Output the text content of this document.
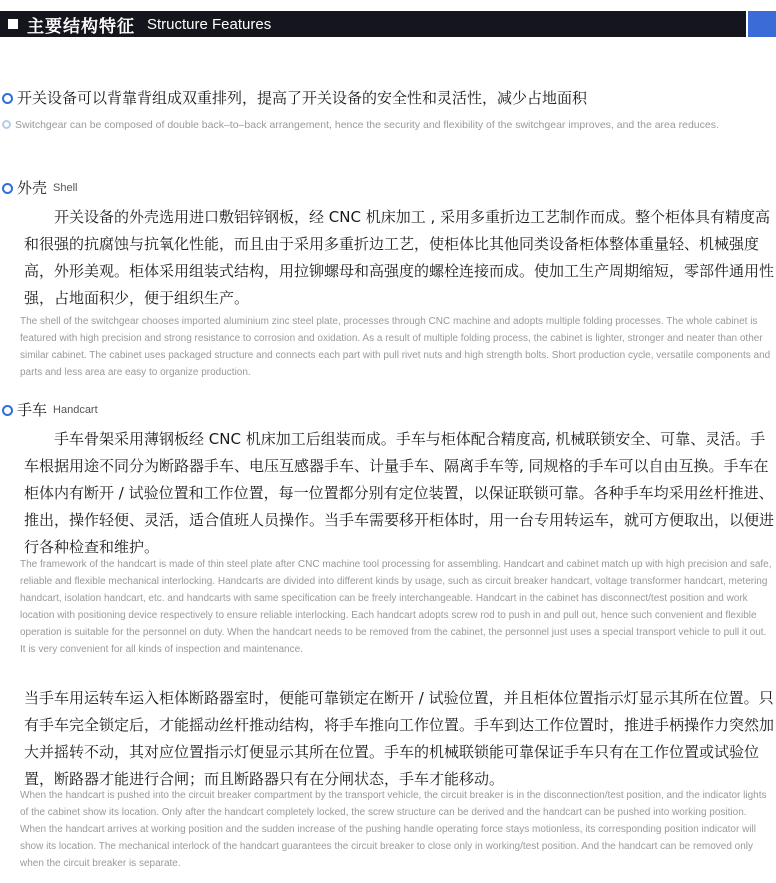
主要结构特征 Structure Features
开关设备可以背靠背组成双重排列，提高了开关设备的安全性和灵活性，减少占地面积
Switchgear can be composed of double back–to–back arrangement, hence the security and flexibility of the switchgear improves, and the area reduces.
外壳 Shell

开关设备的外壳选用进口敷铝锌钢板，经 CNC 机床加工 , 采用多重折边工艺制作而成。整个柜体具有精度高和很强的抗腐蚀与抗氧化性能，而且由于采用多重折边工艺，使柜体比其他同类设备柜体整体重量轻、机械强度高，外形美观。柜体采用组装式结构，用拉铆螺母和高强度的螺栓连接而成。使加工生产周期缩短，零部件通用性强，占地面积少，便于组织生产。

The shell of the switchgear chooses imported aluminium zinc steel plate, processes through CNC machine and adopts multiple folding processes. The whole cabinet is featured with high precision and strong resistance to corrosion and oxidation. As a result of multiple folding process, the cabinet is lighter, stronger and neater than other similar cabinet. The cabinet uses packaged structure and connects each part with pull rivet nuts and high strength bolts. Short production cycle, versatile components and parts and less area are easy to organize production.

手车 Handcart

手车骨架采用薄钢板经 CNC 机床加工后组装而成。手车与柜体配合精度高, 机械联锁安全、可靠、灵活。手车根据用途不同分为断路器手车、电压互感器手车、计量手车、隔离手车等, 同规格的手车可以自由互换。手车在柜体内有断开 / 试验位置和工作位置，每一位置都分别有定位装置，以保证联锁可靠。各种手车均采用丝杆推进、推出，操作轻便、灵活，适合值班人员操作。当手车需要移开柜体时，用一台专用转运车，就可方便取出，以便进行各种检查和维护。

The framework of the handcart is made of thin steel plate after CNC machine tool processing for assembling. Handcart and cabinet match up with high precision and safe, reliable and flexible mechanical interlocking. Handcarts are divided into different kinds by usage, such as circuit breaker handcart, voltage transformer handcart, metering handcart, isolation handcart, etc. and handcarts with same specification can be freely interchangeable. Handcart in the cabinet has disconnect/test position and work location with positioning device respectively to ensure reliable interlocking. Each handcart adopts screw rod to push in and pull out, hence such convenient and flexible operation is suitable for the personnel on duty. When the handcart needs to be removed from the cabinet, the personnel just uses a special transport vehicle to pull it out. It is very convenient for all kinds of inspection and maintenance.

当手车用运转车运入柜体断路器室时，便能可靠锁定在断开 / 试验位置，并且柜体位置指示灯显示其所在位置。只有手车完全锁定后，才能摇动丝杆推动结构，将手车推向工作位置。手车到达工作位置时，推进手柄操作力突然加大并摇转不动，其对应位置指示灯便显示其所在位置。手车的机械联锁能可靠保证手车只有在工作位置或试验位置，断路器才能进行合闸；而且断路器只有在分闸状态，手车才能移动。

When the handcart is pushed into the circuit breaker compartment by the transport vehicle, the circuit breaker is in the disconnection/test position, and the indicator lights of the cabinet show its location. Only after the handcart completely locked, the screw structure can be derived and the handcart can be pushed into working position. When the handcart arrives at working position and the sudden increase of the pushing handle operating force stays motionless, its corresponding position indicator will show its location. The mechanical interlock of the handcart guarantees the circuit breaker to close only in working/test position. And the handcart can be removed only when the circuit breaker is separate.
